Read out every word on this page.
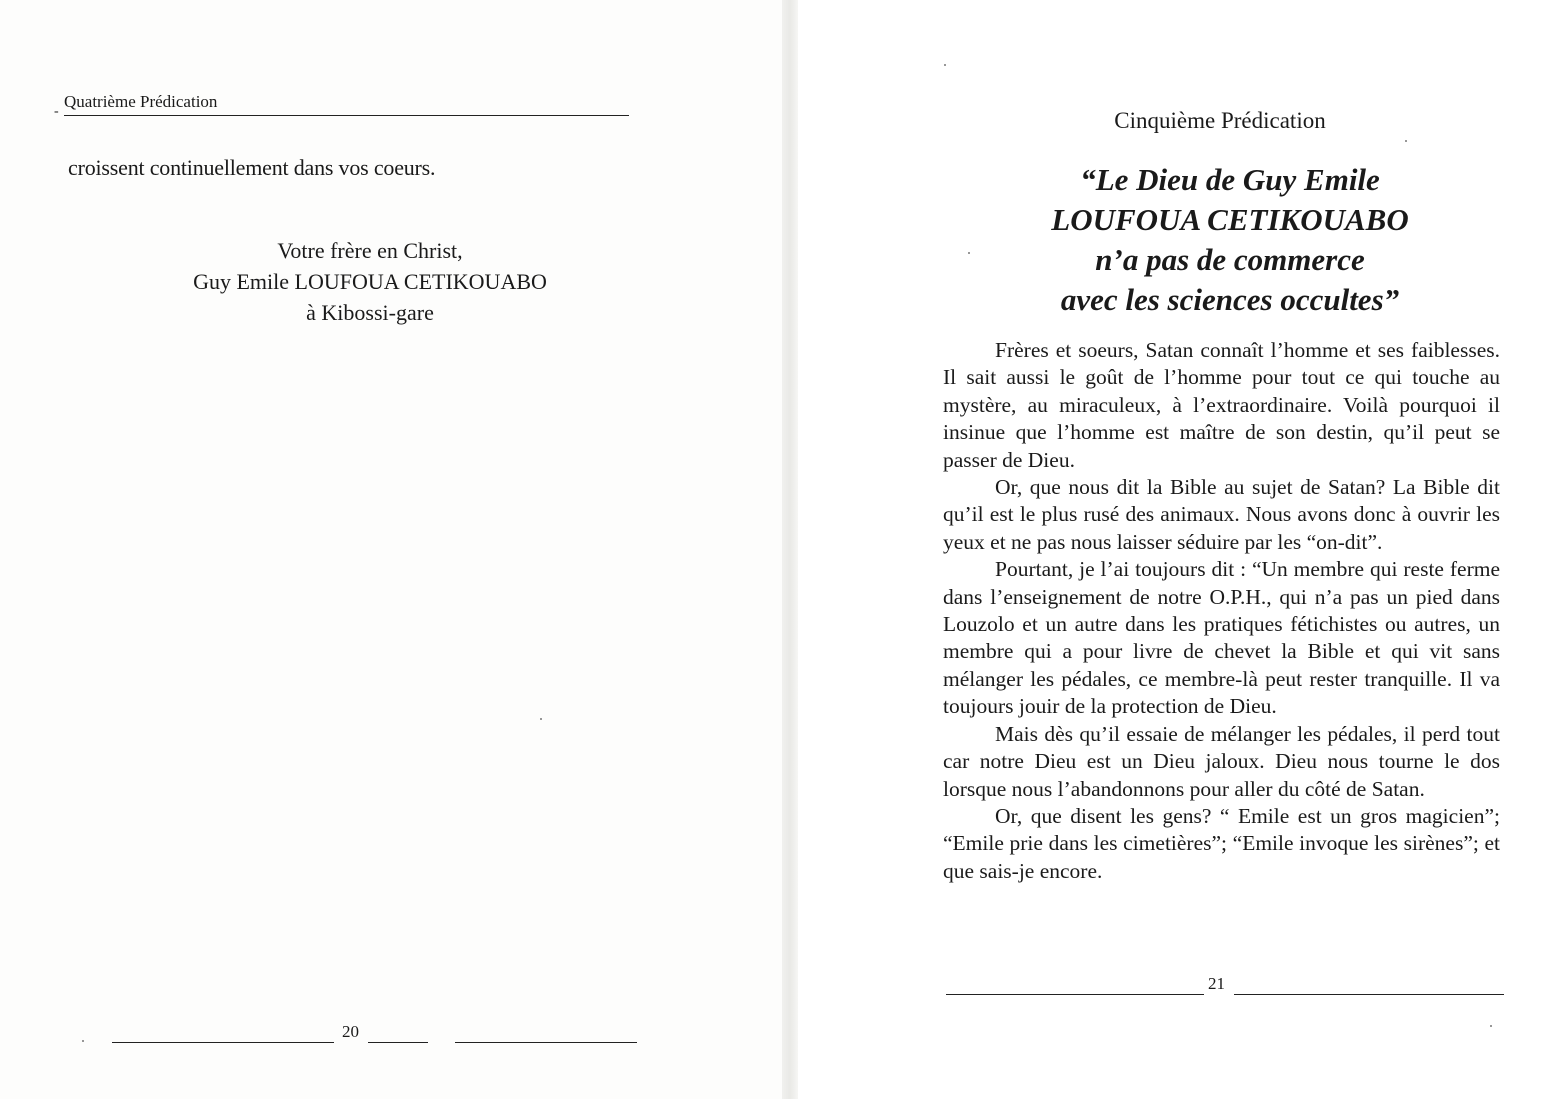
-
Quatrième Prédication
croissent continuellement dans vos coeurs.
Votre frère en Christ,
Guy Emile LOUFOUA CETIKOUABO
à Kibossi-gare
20
Cinquième Prédication
“Le Dieu de Guy Emile
LOUFOUA CETIKOUABO
n’a pas de commerce
avec les sciences occultes”

Frères et soeurs, Satan connaît l’homme et ses faiblesses. Il sait aussi le goût de l’homme pour tout ce qui touche au mystère, au miraculeux, à l’extraordinaire. Voilà pourquoi il insinue que l’homme est maître de son destin, qu’il peut se passer de Dieu.

Or, que nous dit la Bible au sujet de Satan? La Bible dit qu’il est le plus rusé des animaux. Nous avons donc à ouvrir les yeux et ne pas nous laisser séduire par les “on-dit”.

Pourtant, je l’ai toujours dit : “Un membre qui reste ferme dans l’enseignement de notre O.P.H., qui n’a pas un pied dans Louzolo et un autre dans les pratiques fétichistes ou autres, un membre qui a pour livre de chevet la Bible et qui vit sans mélanger les pédales, ce membre-là peut rester tranquille. Il va toujours jouir de la protection de Dieu.

Mais dès qu’il essaie de mélanger les pédales, il perd tout car notre Dieu est un Dieu jaloux. Dieu nous tourne le dos lorsque nous l’abandonnons pour aller du côté de Satan.

Or, que disent les gens? “ Emile est un gros magicien”; “Emile prie dans les cimetières”; “Emile invoque les sirènes”; et que sais-je encore.

21
